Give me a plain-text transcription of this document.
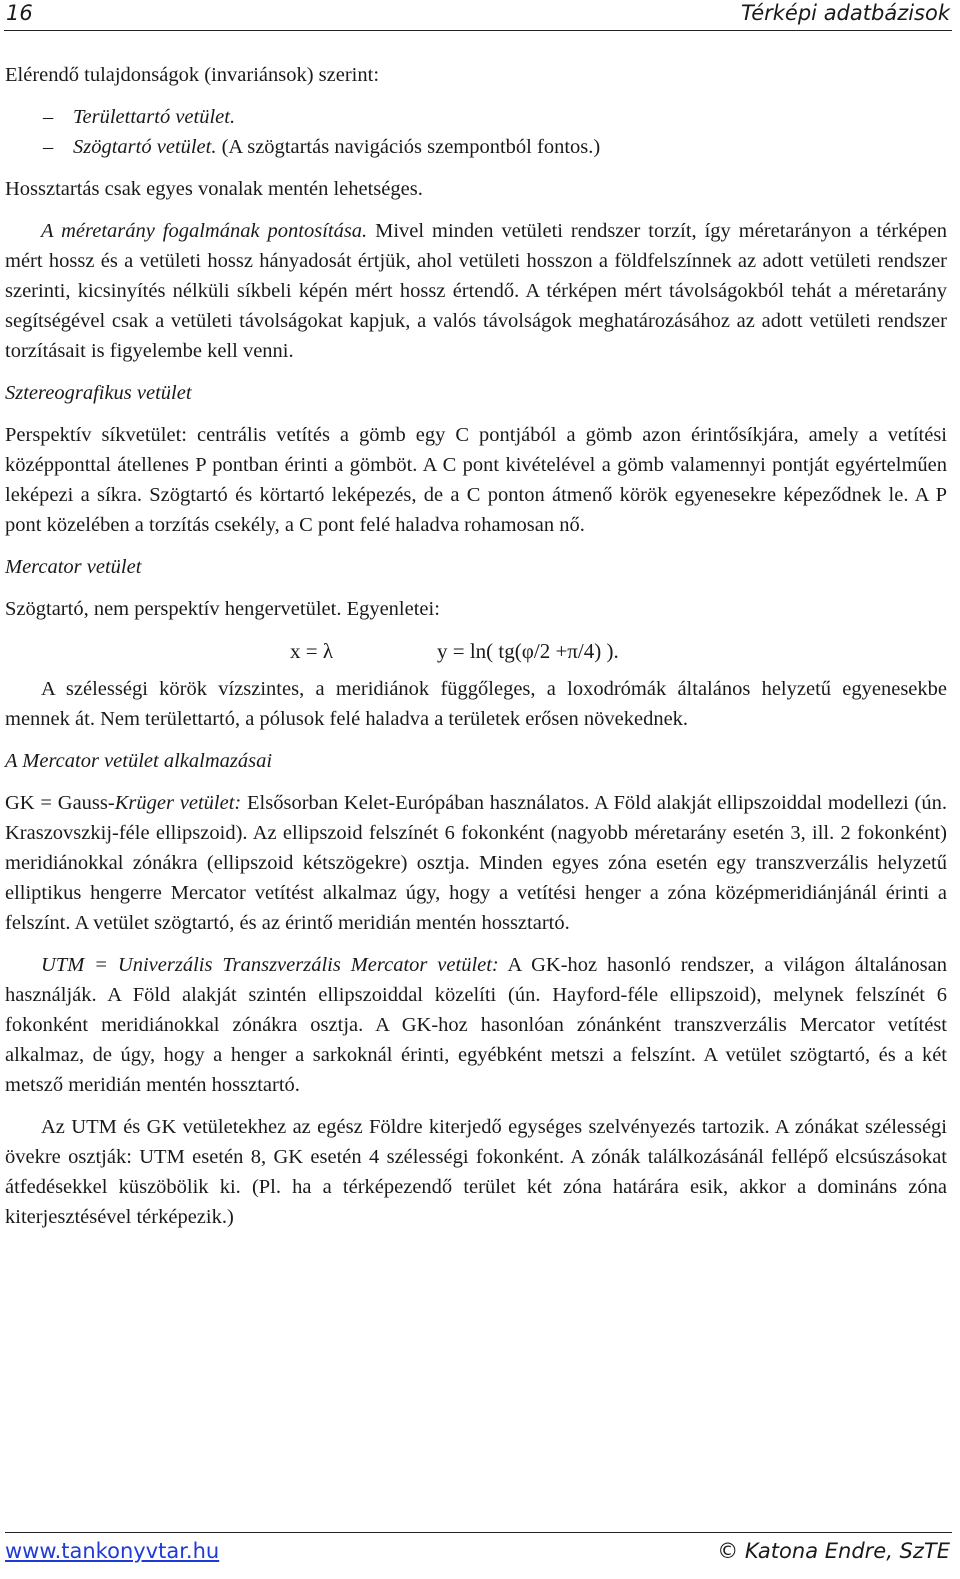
16	Térképi adatbázisok

Elérendő tulajdonságok (invariánsok) szerint:

– Területtartó vetület.

– Szögtartó vetület. (A szögtartás navigációs szempontból fontos.)

Hossztartás csak egyes vonalak mentén lehetséges.

A méretarány fogalmának pontosítása. Mivel minden vetületi rendszer torzít, így méretarányon a térképen mért hossz és a vetületi hossz hányadosát értjük, ahol vetületi hosszon a földfelszínnek az adott vetületi rendszer szerinti, kicsinyítés nélküli síkbeli képén mért hossz értendő. A térképen mért távolságokból tehát a méretarány segítségével csak a vetületi távolságokat kapjuk, a valós távolságok meghatározásához az adott vetületi rendszer torzításait is figyelembe kell venni.

Sztereografikus vetület

Perspektív síkvetület: centrális vetítés a gömb egy C pontjából a gömb azon érintősíkjára, amely a vetítési középponttal átellenes P pontban érinti a gömböt. A C pont kivételével a gömb valamennyi pontját egyértelműen leképezi a síkra. Szögtartó és körtartó leképezés, de a C ponton átmenő körök egyenesekre képeződnek le. A P pont közelében a torzítás csekély, a C pont felé haladva rohamosan nő.

Mercator vetület

Szögtartó, nem perspektív hengervetület. Egyenletei:

x = λ	y = ln( tg(φ/2 +π/4) ).

A szélességi körök vízszintes, a meridiánok függőleges, a loxodrómák általános helyzetű egyenesekbe mennek át. Nem területtartó, a pólusok felé haladva a területek erősen növekednek.

A Mercator vetület alkalmazásai

GK = Gauss-Krüger vetület: Elsősorban Kelet-Európában használatos. A Föld alakját ellipszoiddal modellezi (ún. Kraszovszkij-féle ellipszoid). Az ellipszoid felszínét 6 fokonként (nagyobb méretarány esetén 3, ill. 2 fokonként) meridiánokkal zónákra (ellipszoid kétszögekre) osztja. Minden egyes zóna esetén egy transzverzális helyzetű elliptikus hengerre Mercator vetítést alkalmaz úgy, hogy a vetítési henger a zóna középmeridiánjánál érinti a felszínt. A vetület szögtartó, és az érintő meridián mentén hossztartó.

UTM = Univerzális Transzverzális Mercator vetület: A GK-hoz hasonló rendszer, a világon általánosan használják. A Föld alakját szintén ellipszoiddal közelíti (ún. Hayford-féle ellipszoid), melynek felszínét 6 fokonként meridiánokkal zónákra osztja. A GK-hoz hasonlóan zónánként transzverzális Mercator vetítést alkalmaz, de úgy, hogy a henger a sarkoknál érinti, egyébként metszi a felszínt. A vetület szögtartó, és a két metsző meridián mentén hossztartó.

Az UTM és GK vetületekhez az egész Földre kiterjedő egységes szelvényezés tartozik. A zónákat szélességi övekre osztják: UTM esetén 8, GK esetén 4 szélességi fokonként. A zónák találkozásánál fellépő elcsúszásokat átfedésekkel küszöbölik ki. (Pl. ha a térképezendő terület két zóna határára esik, akkor a domináns zóna kiterjesztésével térképezik.)

www.tankonyvtar.hu	© Katona Endre, SzTE
